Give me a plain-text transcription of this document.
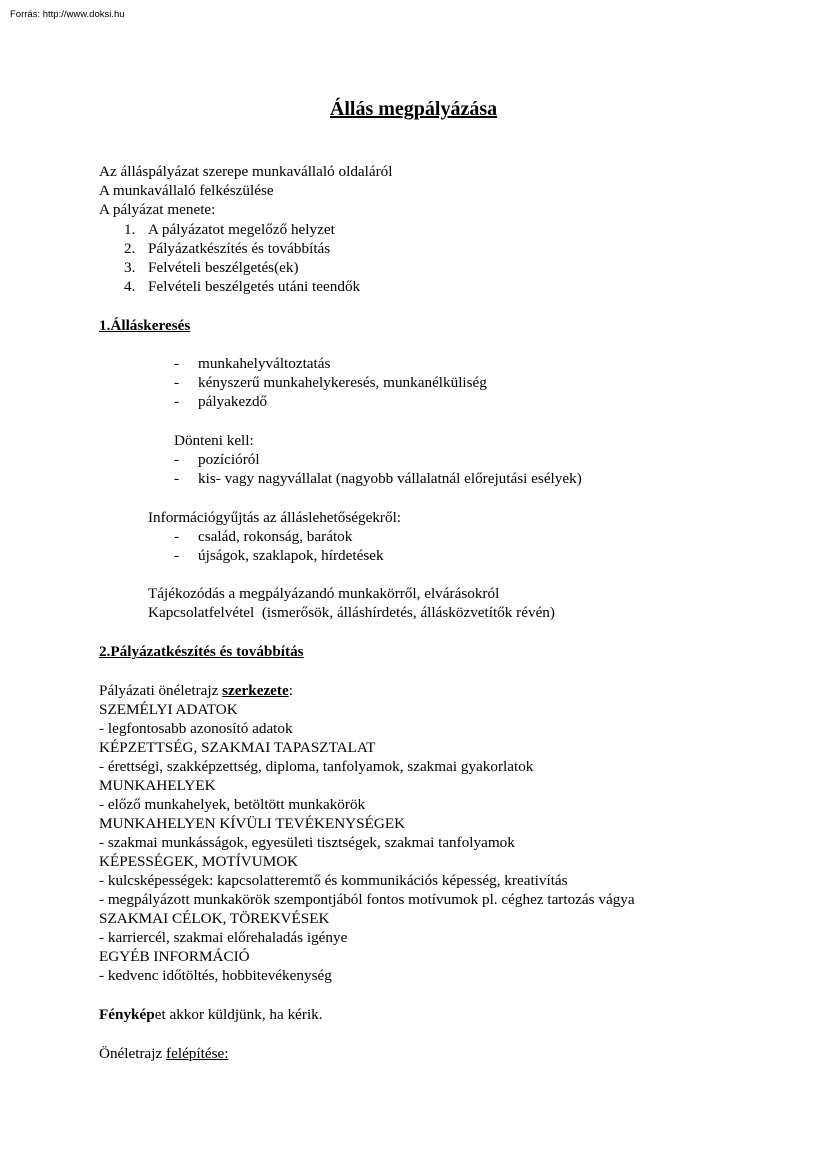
Forrás: http://www.doksi.hu
Állás megpályázása
Az álláspályázat szerepe munkavállaló oldaláról
A munkavállaló felkészülése
A pályázat menete:
1. A pályázatot megelőző helyzet
2. Pályázatkészítés és továbbítás
3. Felvételi beszélgetés(ek)
4. Felvételi beszélgetés utáni teendők
1.Álláskeresés
- munkahelyváltoztatás
- kényszerű munkahelykeresés, munkanélküliség
- pályakezdő
Dönteni kell:
- pozícióról
- kis- vagy nagyvállalat (nagyobb vállalatnál előrejutási esélyek)
Információgyűjtás az álláslehetőségekről:
- család, rokonság, barátok
- újságok, szaklapok, hírdetések
Tájékozódás a megpályázandó munkakörről, elvárásokról
Kapcsolatfelvétel  (ismerősök, álláshírdetés, állásközvetítők révén)
2.Pályázatkészítés és továbbítás
Pályázati önéletrajz szerkezete:
SZEMÉLYI ADATOK
- legfontosabb azonosító adatok
KÉPZETTSÉG, SZAKMAI TAPASZTALAT
- érettségi, szakképzettség, diploma, tanfolyamok, szakmai gyakorlatok
MUNKAHELYEK
- előző munkahelyek, betöltött munkakörök
MUNKAHELYEN KÍVÜLI TEVÉKENYSÉGEK
- szakmai munkásságok, egyesületi tisztségek, szakmai tanfolyamok
KÉPESSÉGEK, MOTÍVUMOK
- kulcsképességek: kapcsolatteremtő és kommunikációs képesség, kreativítás
- megpályázott munkakörök szempontjából fontos motívumok pl. céghez tartozás vágya
SZAKMAI CÉLOK, TÖREKVÉSEK
- karriercél, szakmai előrehaladás igénye
EGYÉB INFORMÁCIÓ
- kedvenc időtöltés, hobbitevékenység
Fényképet akkor küldjünk, ha kérik.
Önéletrajz felépítése:
